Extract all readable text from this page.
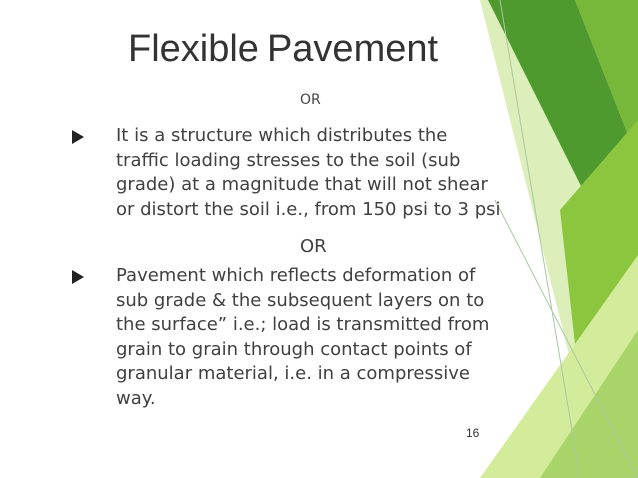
Flexible Pavement
OR
It is a structure which distributes the
traffic loading stresses to the soil (sub
grade) at a magnitude that will not shear
or distort the soil i.e., from 150 psi to 3 psi
OR
Pavement which reflects deformation of
sub grade & the subsequent layers on to
the surface” i.e.; load is transmitted from
grain to grain through contact points of
granular material, i.e. in a compressive
way.
16
